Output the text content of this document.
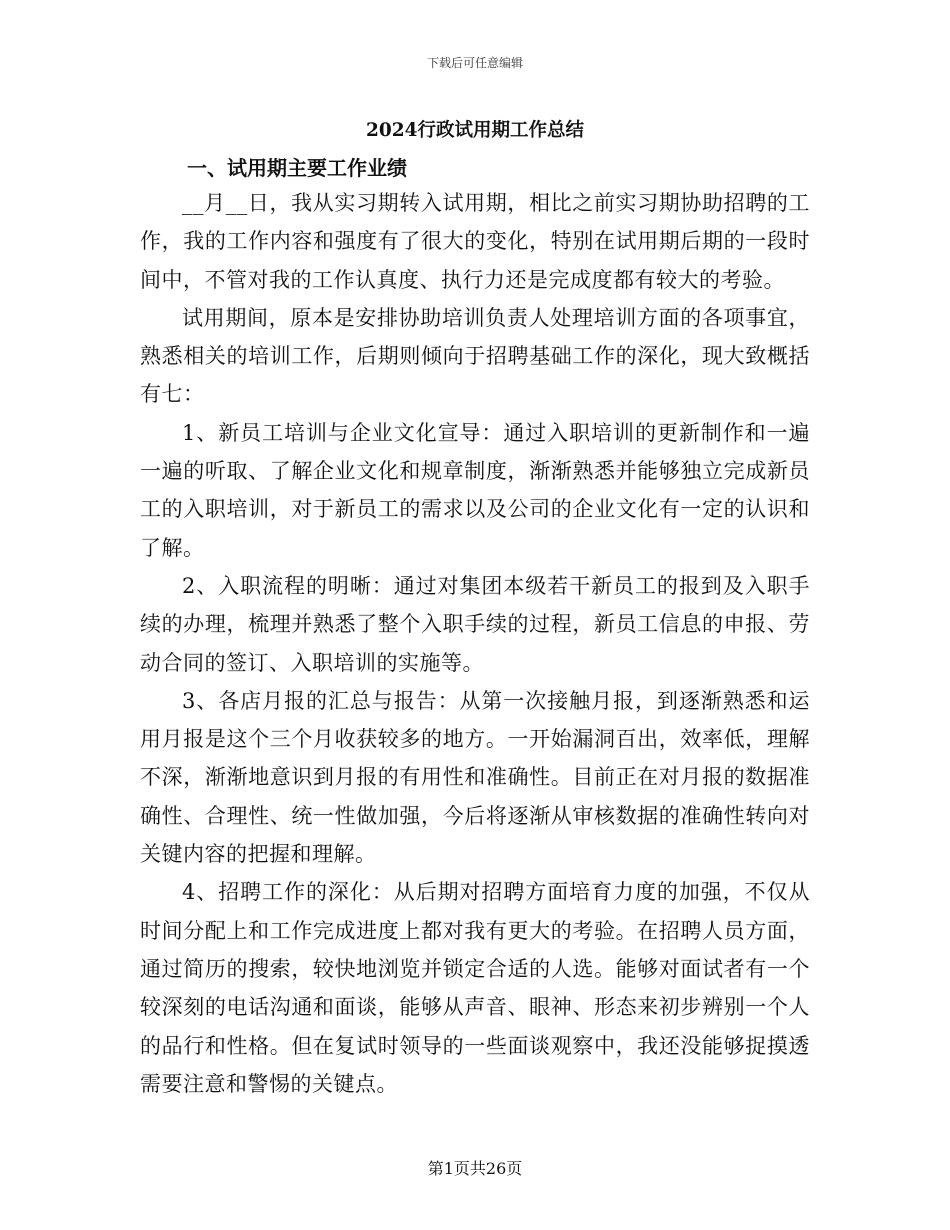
下载后可任意编辑
2024行政试用期工作总结
一、试用期主要工作业绩

__月__日，我从实习期转入试用期，相比之前实习期协助招聘的工作，我的工作内容和强度有了很大的变化，特别在试用期后期的一段时间中，不管对我的工作认真度、执行力还是完成度都有较大的考验。

试用期间，原本是安排协助培训负责人处理培训方面的各项事宜，熟悉相关的培训工作，后期则倾向于招聘基础工作的深化，现大致概括有七：

1、新员工培训与企业文化宣导：通过入职培训的更新制作和一遍一遍的听取、了解企业文化和规章制度，渐渐熟悉并能够独立完成新员工的入职培训，对于新员工的需求以及公司的企业文化有一定的认识和了解。

2、入职流程的明晰：通过对集团本级若干新员工的报到及入职手续的办理，梳理并熟悉了整个入职手续的过程，新员工信息的申报、劳动合同的签订、入职培训的实施等。

3、各店月报的汇总与报告：从第一次接触月报，到逐渐熟悉和运用月报是这个三个月收获较多的地方。一开始漏洞百出，效率低，理解不深，渐渐地意识到月报的有用性和准确性。目前正在对月报的数据准确性、合理性、统一性做加强，今后将逐渐从审核数据的准确性转向对关键内容的把握和理解。

4、招聘工作的深化：从后期对招聘方面培育力度的加强，不仅从时间分配上和工作完成进度上都对我有更大的考验。在招聘人员方面，通过简历的搜索，较快地浏览并锁定合适的人选。能够对面试者有一个较深刻的电话沟通和面谈，能够从声音、眼神、形态来初步辨别一个人的品行和性格。但在复试时领导的一些面谈观察中，我还没能够捉摸透需要注意和警惕的关键点。

第1页共26页
